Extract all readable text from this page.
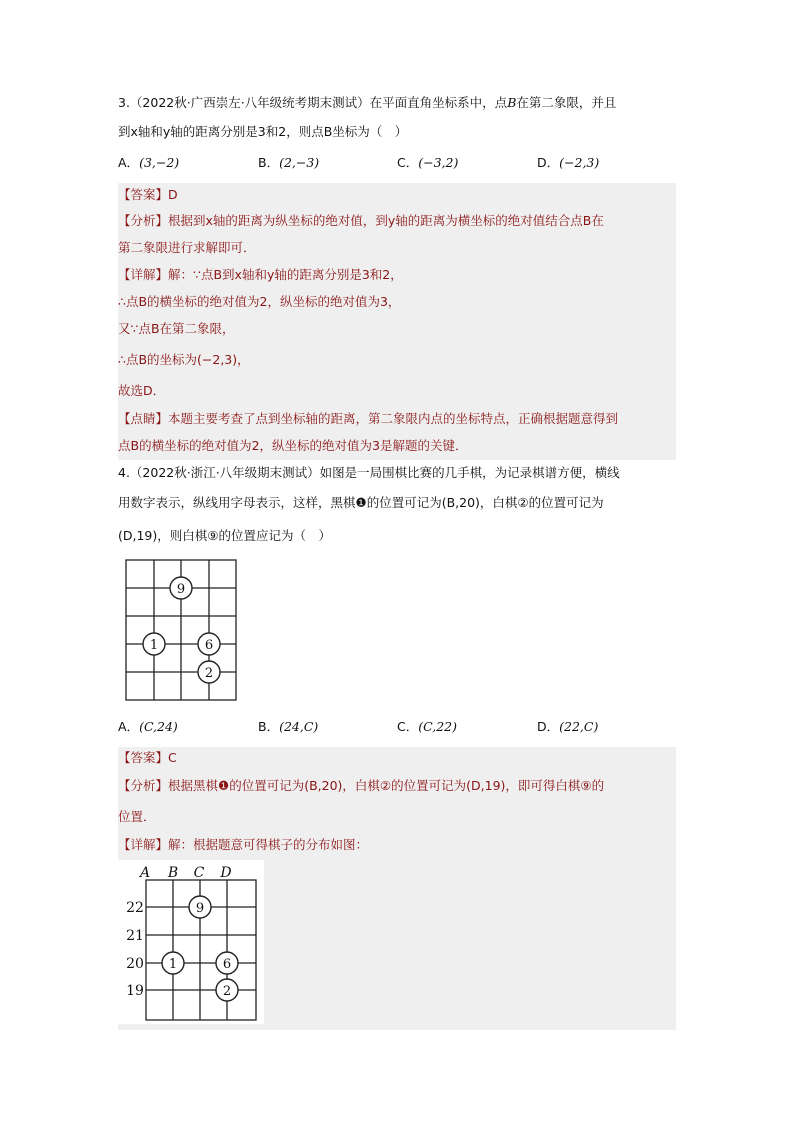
3.（2022秋·广西崇左·八年级统考期末测试）在平面直角坐标系中，点B在第二象限，并且
到x轴和y轴的距离分别是3和2，则点B坐标为（　）
A．(3,−2)	B．(2,−3)	C．(−3,2)	D．(−2,3)
【答案】D
【分析】根据到x轴的距离为纵坐标的绝对值，到y轴的距离为横坐标的绝对值结合点B在
第二象限进行求解即可．
【详解】解：∵点B到x轴和y轴的距离分别是3和2，
∴点B的横坐标的绝对值为2，纵坐标的绝对值为3，
又∵点B在第二象限，
∴点B的坐标为(−2,3)，
故选D．
【点睛】本题主要考查了点到坐标轴的距离，第二象限内点的坐标特点，正确根据题意得到
点B的横坐标的绝对值为2，纵坐标的绝对值为3是解题的关键．
4.（2022秋·浙江·八年级期末测试）如图是一局围棋比赛的几手棋，为记录棋谱方便，横线
用数字表示，纵线用字母表示，这样，黑棋❶的位置可记为(B,20)，白棋②的位置可记为
(D,19)，则白棋⑨的位置应记为（　）
9
1	6
2
A．(C,24)	B．(24,C)	C．(C,22)	D．(22,C)
【答案】C
【分析】根据黑棋❶的位置可记为(B,20)，白棋②的位置可记为(D,19)，即可得白棋⑨的
位置．
【详解】解：根据题意可得棋子的分布如图：
A B C D
22
21
20
19
9
1	6
2
